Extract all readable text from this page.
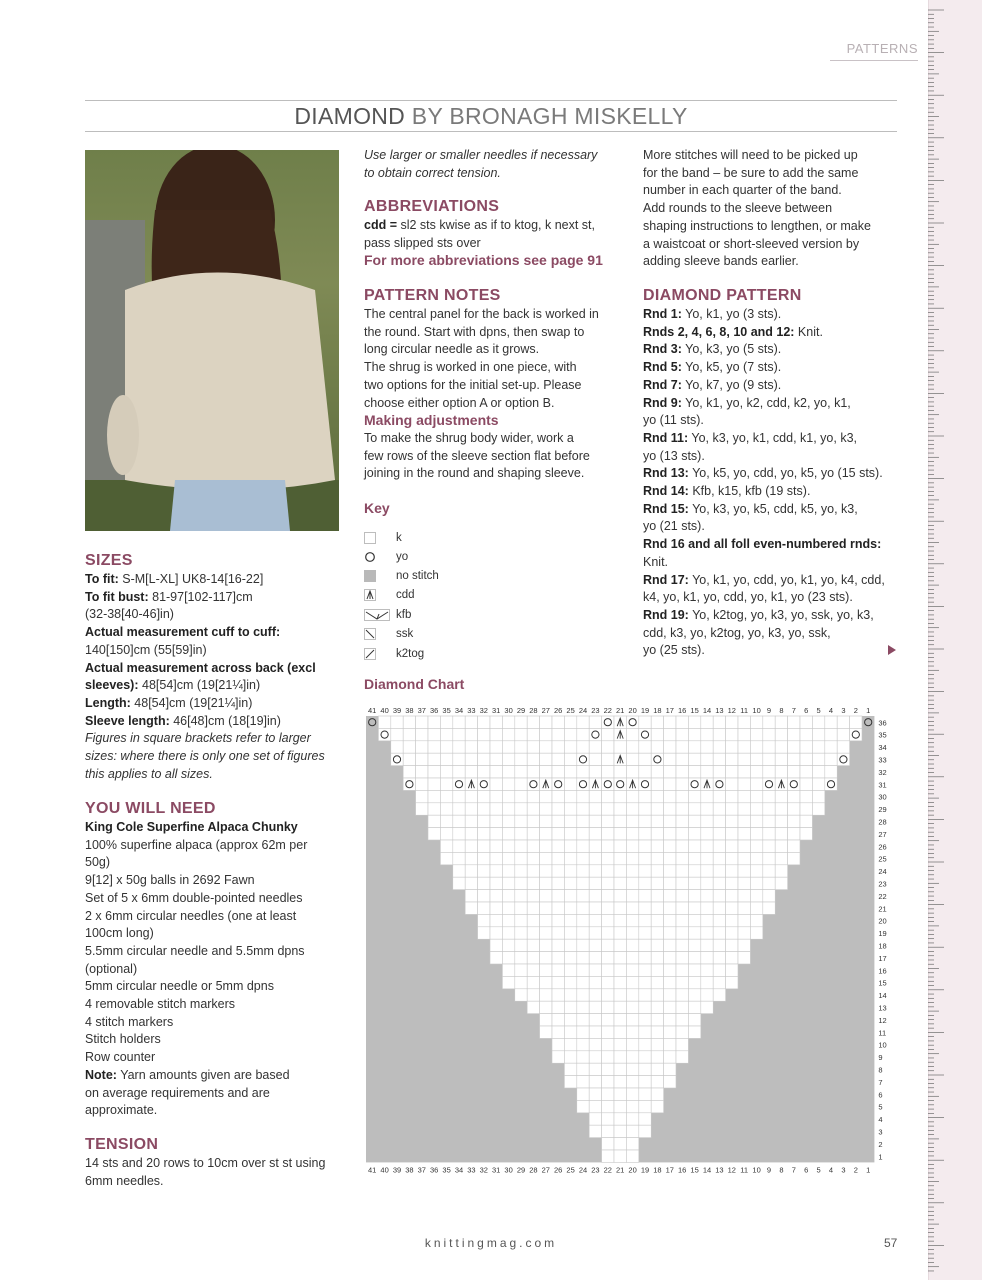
PATTERNS
DIAMOND BY BRONAGH MISKELLY
SIZES
To fit: S-M[L-XL] UK8-14[16-22]
To fit bust: 81-97[102-117]cm
(32-38[40-46]in)
Actual measurement cuff to cuff:
140[150]cm (55[59]in)
Actual measurement across back (excl
sleeves): 48[54]cm (19[21¼]in)
Length: 48[54]cm (19[21¼]in)
Sleeve length: 46[48]cm (18[19]in)
Figures in square brackets refer to larger
sizes: where there is only one set of figures
this applies to all sizes.
YOU WILL NEED
King Cole Superfine Alpaca Chunky
100% superfine alpaca (approx 62m per
50g)
9[12] x 50g balls in 2692 Fawn
Set of 5 x 6mm double-pointed needles
2 x 6mm circular needles (one at least
100cm long)
5.5mm circular needle and 5.5mm dpns
(optional)
5mm circular needle or 5mm dpns
4 removable stitch markers
4 stitch markers
Stitch holders
Row counter
Note: Yarn amounts given are based
on average requirements and are
approximate.
TENSION
14 sts and 20 rows to 10cm over st st using
6mm needles.
Use larger or smaller needles if necessary
to obtain correct tension.
ABBREVIATIONS
cdd = sl2 sts kwise as if to ktog, k next st,
pass slipped sts over
For more abbreviations see page 91
PATTERN NOTES
The central panel for the back is worked in
the round. Start with dpns, then swap to
long circular needle as it grows.
The shrug is worked in one piece, with
two options for the initial set-up. Please
choose either option A or option B.
Making adjustments
To make the shrug body wider, work a
few rows of the sleeve section flat before
joining in the round and shaping sleeve.
Key
k
yo
no stitch
cdd
kfb
ssk
k2tog
Diamond Chart
More stitches will need to be picked up
for the band – be sure to add the same
number in each quarter of the band.
Add rounds to the sleeve between
shaping instructions to lengthen, or make
a waistcoat or short-sleeved version by
adding sleeve bands earlier.
DIAMOND PATTERN
Rnd 1: Yo, k1, yo (3 sts).
Rnds 2, 4, 6, 8, 10 and 12: Knit.
Rnd 3: Yo, k3, yo (5 sts).
Rnd 5: Yo, k5, yo (7 sts).
Rnd 7: Yo, k7, yo (9 sts).
Rnd 9: Yo, k1, yo, k2, cdd, k2, yo, k1,
yo (11 sts).
Rnd 11: Yo, k3, yo, k1, cdd, k1, yo, k3,
yo (13 sts).
Rnd 13: Yo, k5, yo, cdd, yo, k5, yo (15 sts).
Rnd 14: Kfb, k15, kfb (19 sts).
Rnd 15: Yo, k3, yo, k5, cdd, k5, yo, k3,
yo (21 sts).
Rnd 16 and all foll even-numbered rnds:
Knit.
Rnd 17: Yo, k1, yo, cdd, yo, k1, yo, k4, cdd,
k4, yo, k1, yo, cdd, yo, k1, yo (23 sts).
Rnd 19: Yo, k2tog, yo, k3, yo, ssk, yo, k3,
cdd, k3, yo, k2tog, yo, k3, yo, ssk,
yo (25 sts).
41
41
40
40
39
39
38
38
37
37
36
36
35
35
34
34
33
33
32
32
31
31
30
30
29
29
28
28
27
27
26
26
25
25
24
24
23
23
22
22
21
21
20
20
19
19
18
18
17
17
16
16
15
15
14
14
13
13
12
12
11
11
10
10
9
9
8
8
7
7
6
6
5
5
4
4
3
3
2
2
1
1
36
35
34
33
32
31
30
29
28
27
26
25
24
23
22
21
20
19
18
17
16
15
14
13
12
11
10
9
8
7
6
5
4
3
2
1
knittingmag.com	57
